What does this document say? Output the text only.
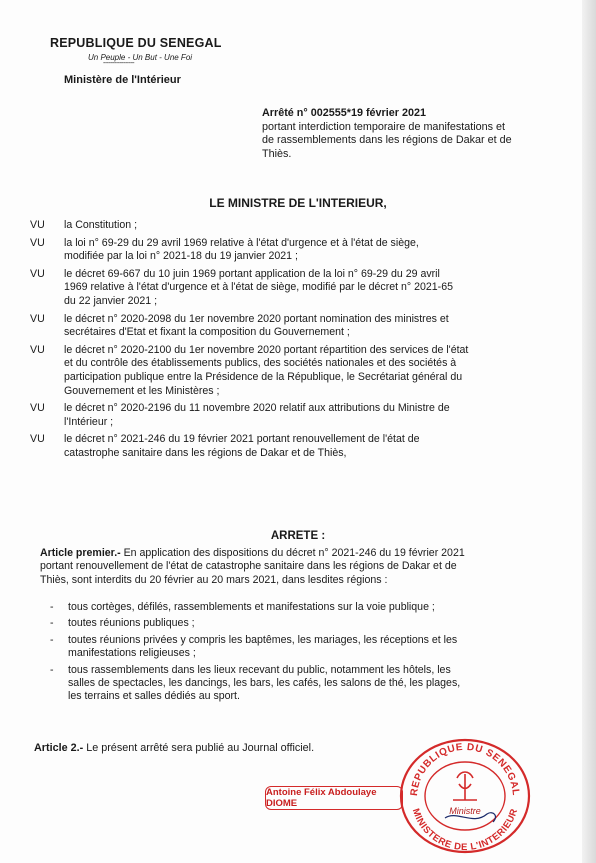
REPUBLIQUE DU SENEGAL
Un Peuple - Un But - Une Foi
-----------------
Ministère de l'Intérieur
Arrêté n° 002555*19 février 2021
portant interdiction temporaire de manifestations et
de rassemblements dans les régions de Dakar et de
Thiès.
LE MINISTRE DE L'INTERIEUR,
VU	la Constitution ;
VU	la loi n° 69-29 du 29 avril 1969 relative à l'état d'urgence et à l'état de siège,
modifiée par la loi n° 2021-18 du 19 janvier 2021 ;
VU	le décret 69-667 du 10 juin 1969 portant application de la loi n° 69-29 du 29 avril
1969 relative à l'état d'urgence et à l'état de siège, modifié par le décret n° 2021-65
du 22 janvier 2021 ;
VU	le décret n° 2020-2098 du 1er novembre 2020 portant nomination des ministres et
secrétaires d'Etat et fixant la composition du Gouvernement ;
VU	le décret n° 2020-2100 du 1er novembre 2020 portant répartition des services de l'état
et du contrôle des établissements publics, des sociétés nationales et des sociétés à
participation publique entre la Présidence de la République, le Secrétariat général du
Gouvernement et les Ministères ;
VU	le décret n° 2020-2196 du 11 novembre 2020 relatif aux attributions du Ministre de
l'Intérieur ;
VU	le décret n° 2021-246 du 19 février 2021 portant renouvellement de l'état de
catastrophe sanitaire dans les régions de Dakar et de Thiès,
ARRETE :
Article premier.- En application des dispositions du décret n° 2021-246 du 19 février 2021
portant renouvellement de l'état de catastrophe sanitaire dans les régions de Dakar et de
Thiès, sont interdits du 20 février au 20 mars 2021, dans lesdites régions :
-	tous cortèges, défilés, rassemblements et manifestations sur la voie publique ;
-	toutes réunions publiques ;
-	toutes réunions privées y compris les baptêmes, les mariages, les réceptions et les
manifestations religieuses ;
-	tous rassemblements dans les lieux recevant du public, notamment les hôtels, les
salles de spectacles, les dancings, les bars, les cafés, les salons de thé, les plages,
les terrains et salles dédiés au sport.
Article 2.- Le présent arrêté sera publié au Journal officiel.
Antoine Félix Abdoulaye DIOME
REPUBLIQUE DU SENEGAL
MINISTERE DE L'INTERIEUR
Ministre
